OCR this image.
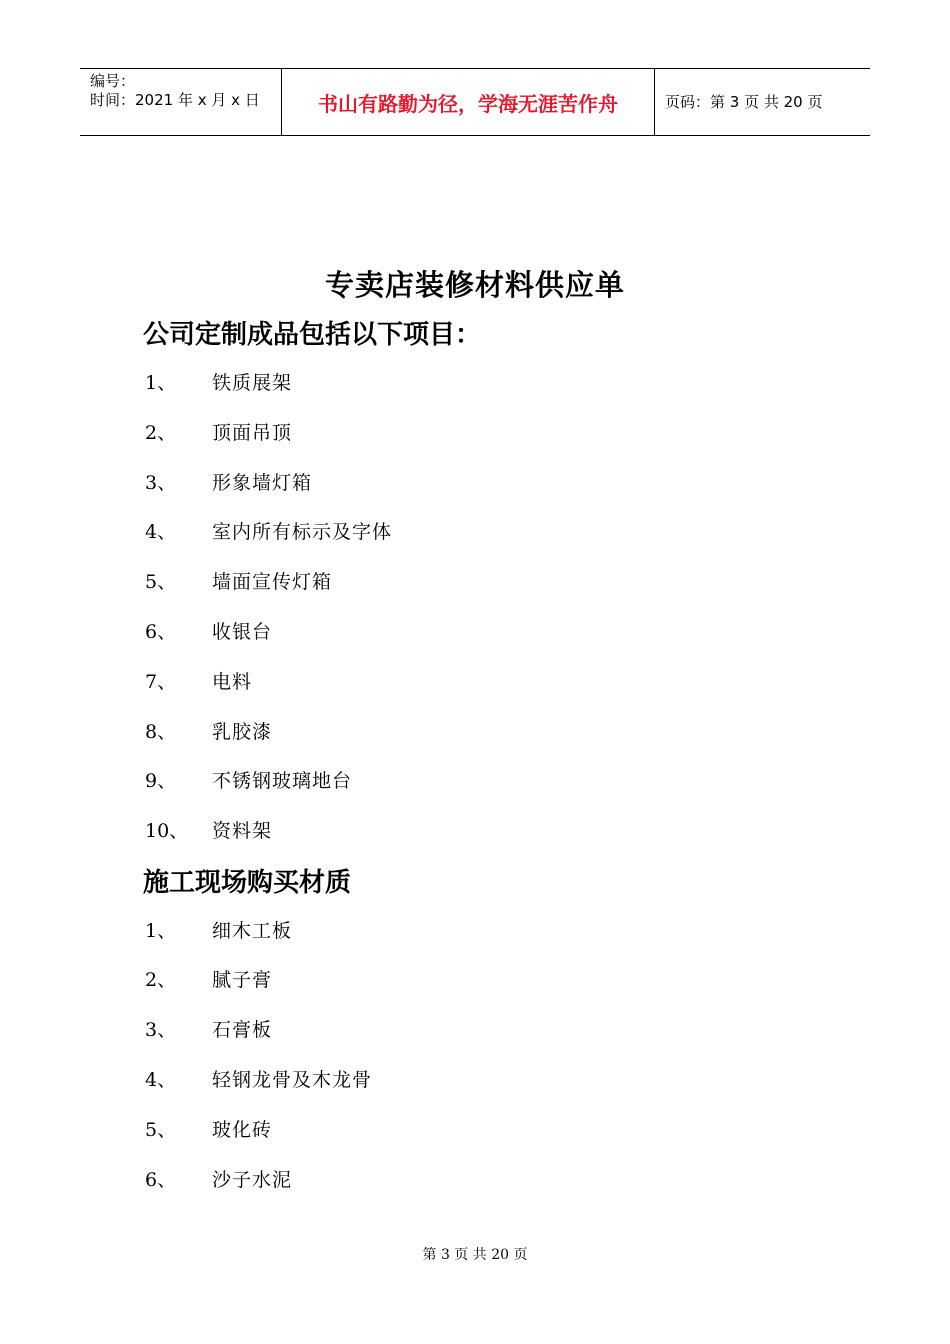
编号：
时间：2021 年 x 月 x 日	书山有路勤为径，学海无涯苦作舟	页码：第 3 页 共 20 页
专卖店装修材料供应单
公司定制成品包括以下项目：
1、 铁质展架
2、 顶面吊顶
3、 形象墙灯箱
4、 室内所有标示及字体
5、 墙面宣传灯箱
6、 收银台
7、 电料
8、 乳胶漆
9、 不锈钢玻璃地台
10、 资料架
施工现场购买材质
1、 细木工板
2、 腻子膏
3、 石膏板
4、 轻钢龙骨及木龙骨
5、 玻化砖
6、 沙子水泥
第 3 页 共 20 页
